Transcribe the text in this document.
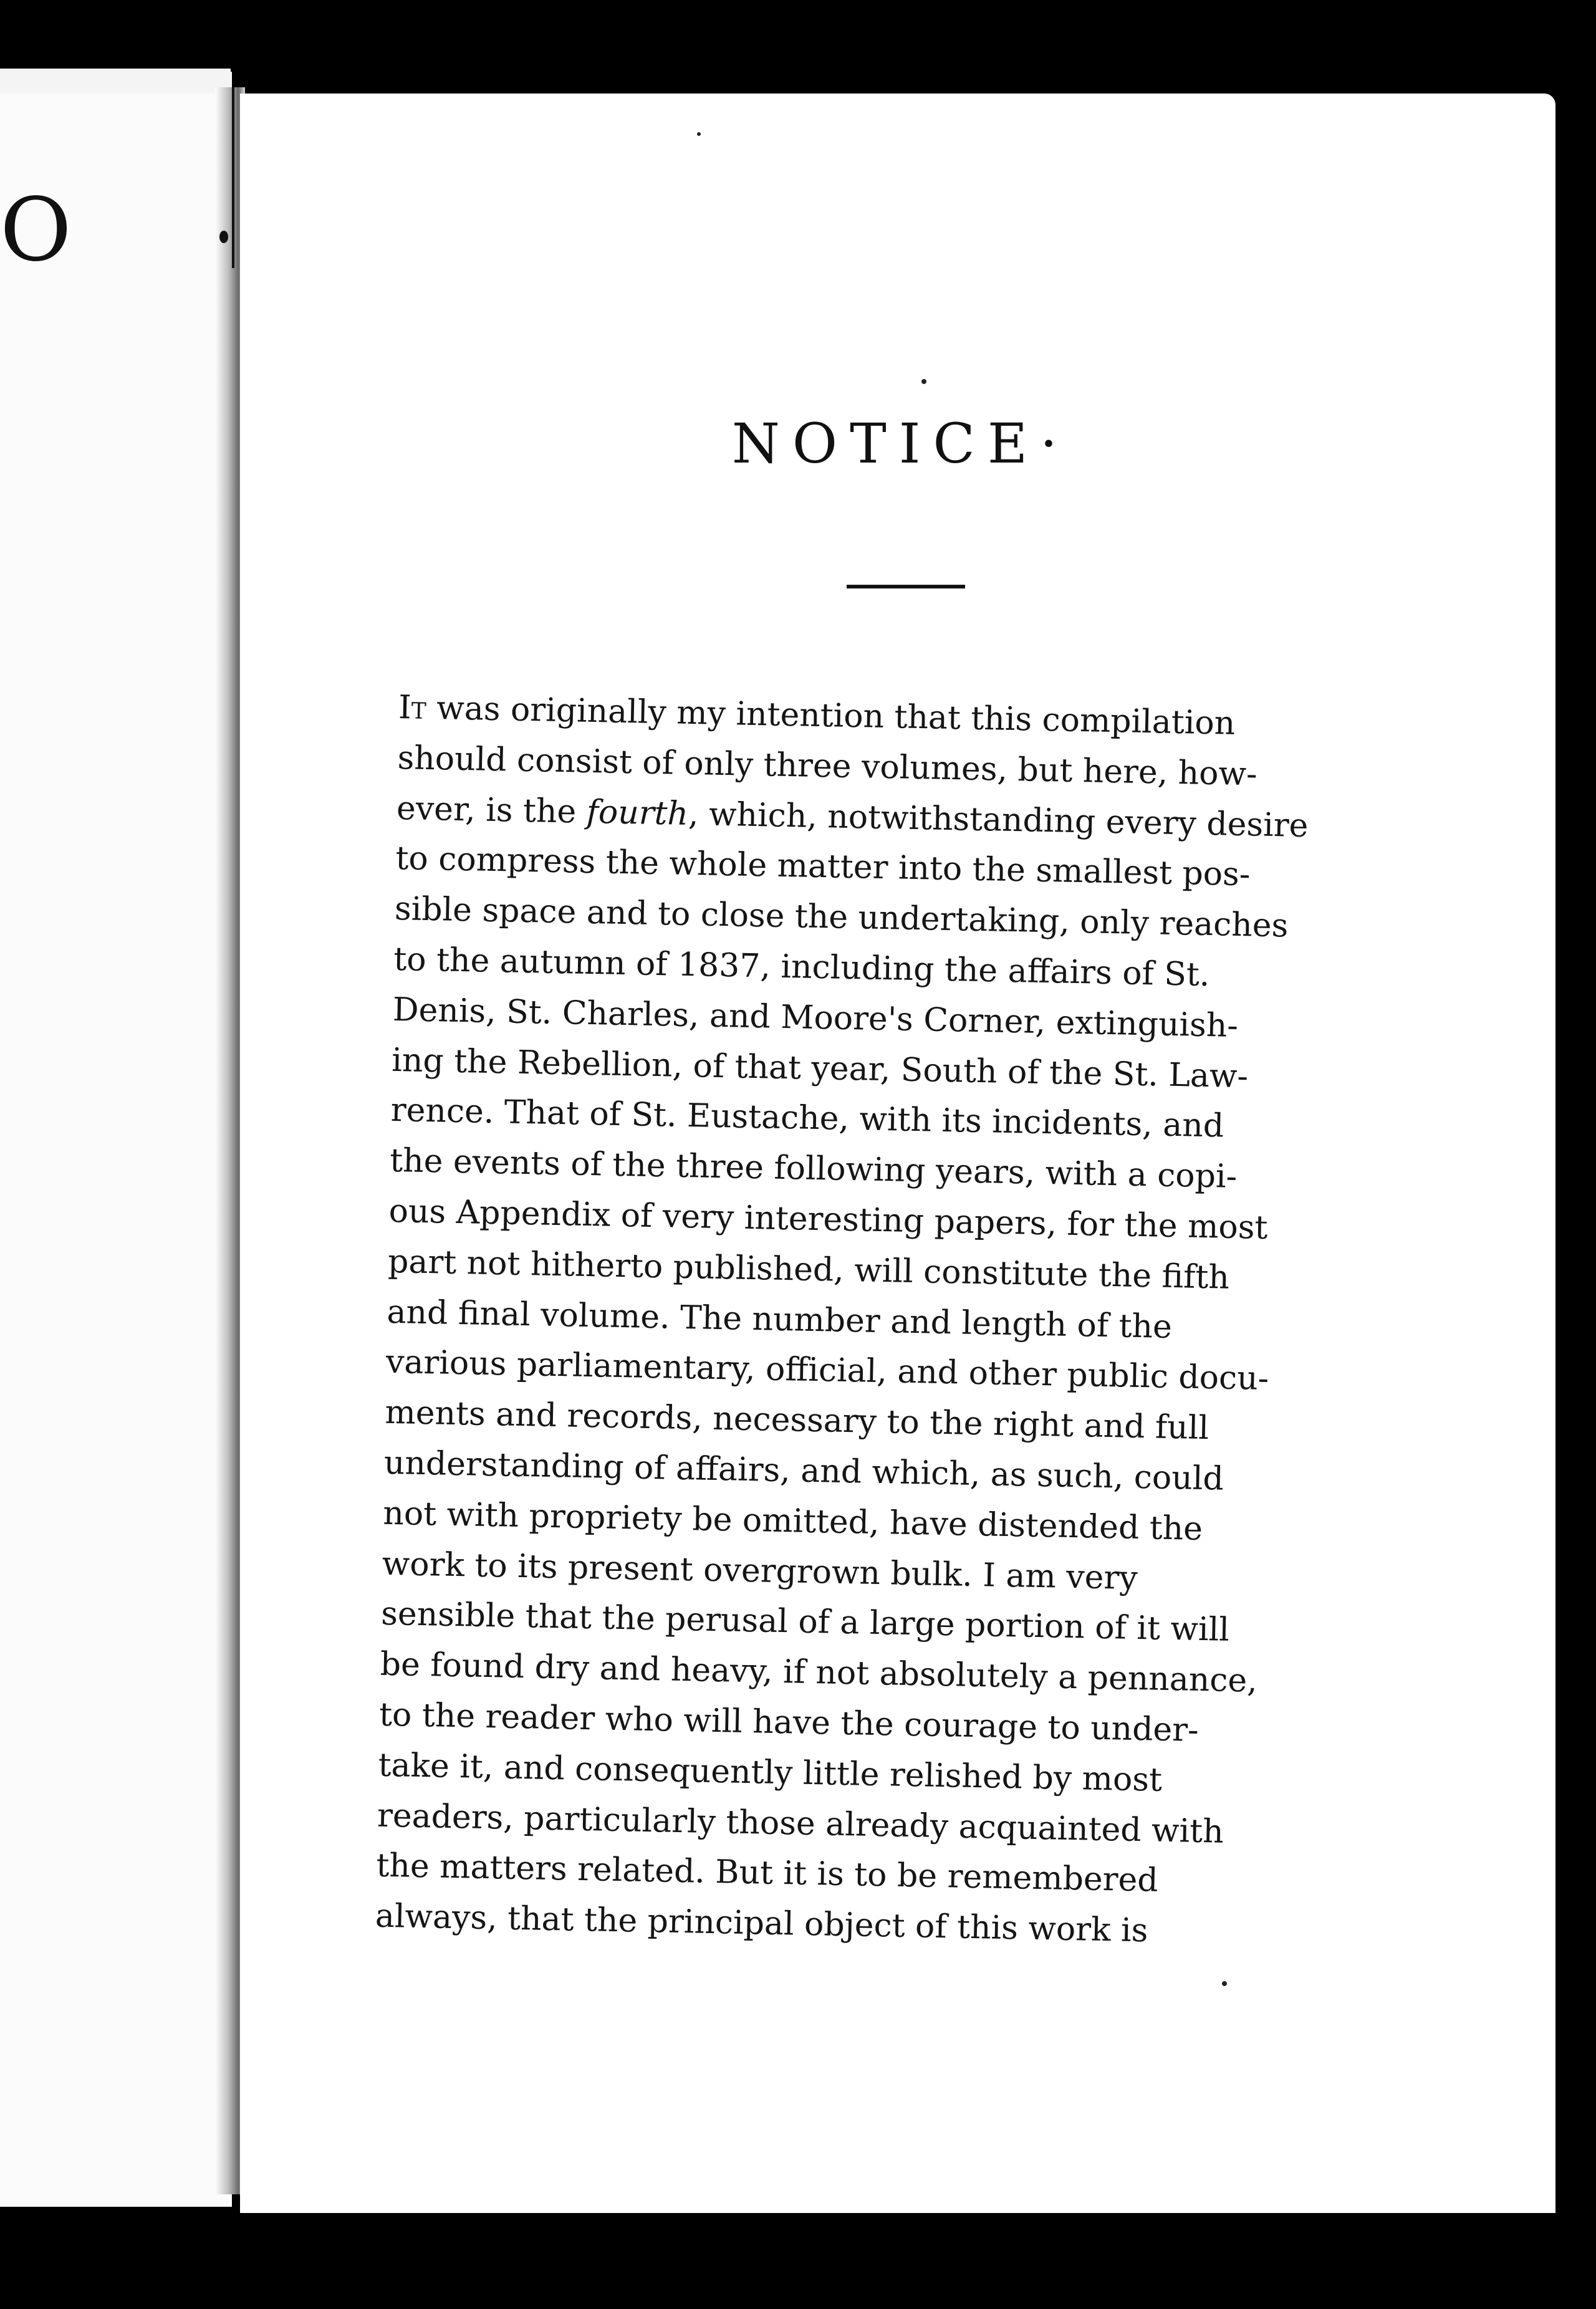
O
NOTICE·
It was originally my intention that this compilation
should consist of only three volumes, but here, how-
ever, is the fourth, which, notwithstanding every desire
to compress the whole matter into the smallest pos-
sible space and to close the undertaking, only reaches
to the autumn of 1837, including the affairs of St.
Denis, St. Charles, and Moore's Corner, extinguish-
ing the Rebellion, of that year, South of the St. Law-
rence. That of St. Eustache, with its incidents, and
the events of the three following years, with a copi-
ous Appendix of very interesting papers, for the most
part not hitherto published, will constitute the fifth
and final volume. The number and length of the
various parliamentary, official, and other public docu-
ments and records, necessary to the right and full
understanding of affairs, and which, as such, could
not with propriety be omitted, have distended the
work to its present overgrown bulk. I am very
sensible that the perusal of a large portion of it will
be found dry and heavy, if not absolutely a pennance,
to the reader who will have the courage to under-
take it, and consequently little relished by most
readers, particularly those already acquainted with
the matters related. But it is to be remembered
always, that the principal object of this work is
